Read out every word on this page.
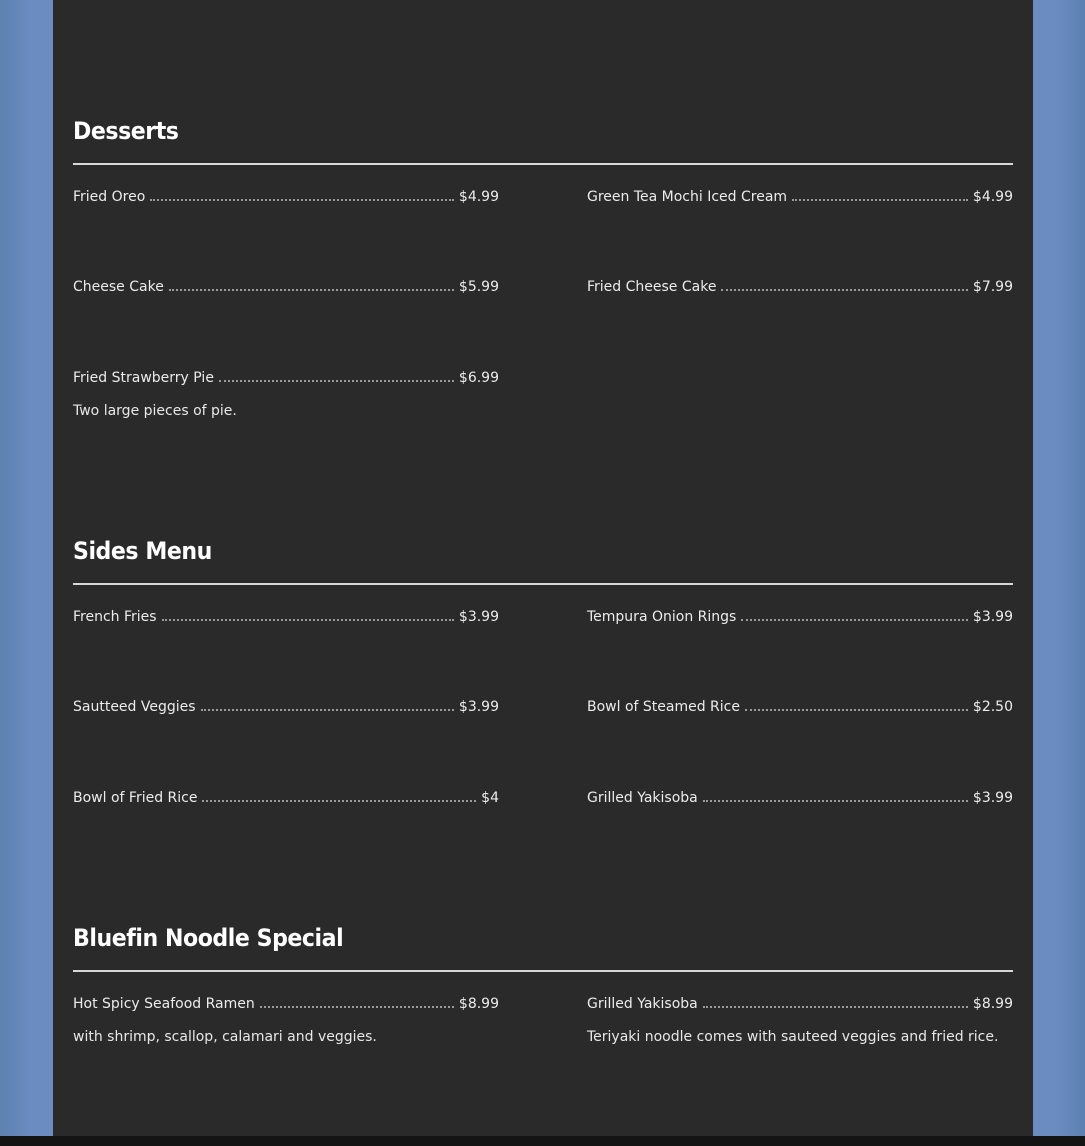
Desserts
Fried Oreo	$4.99	Green Tea Mochi Iced Cream	$4.99
Cheese Cake	$5.99	Fried Cheese Cake	$7.99
Fried Strawberry Pie	$6.99
Two large pieces of pie.
Sides Menu
French Fries	$3.99	Tempura Onion Rings	$3.99
Sautteed Veggies	$3.99	Bowl of Steamed Rice	$2.50
Bowl of Fried Rice	$4	Grilled Yakisoba	$3.99
Bluefin Noodle Special
Hot Spicy Seafood Ramen	$8.99
with shrimp, scallop, calamari and veggies.
Grilled Yakisoba	$8.99
Teriyaki noodle comes with sauteed veggies and fried rice.
